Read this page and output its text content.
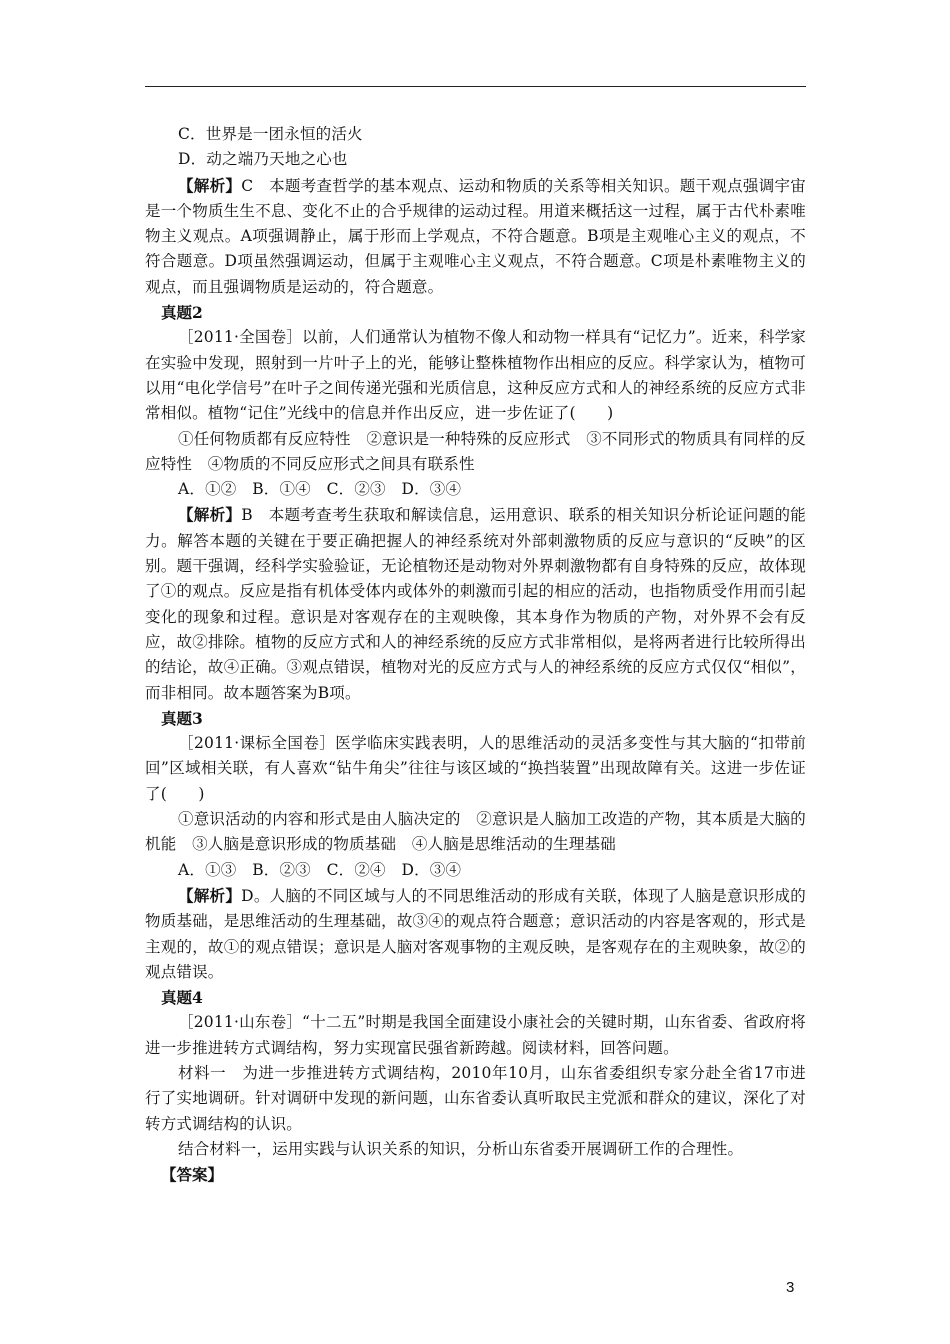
C．世界是一团永恒的活火

D．动之端乃天地之心也

【解析】C　本题考查哲学的基本观点、运动和物质的关系等相关知识。题干观点强调宇宙是一个物质生生不息、变化不止的合乎规律的运动过程。用道来概括这一过程，属于古代朴素唯物主义观点。A项强调静止，属于形而上学观点，不符合题意。B项是主观唯心主义的观点，不符合题意。D项虽然强调运动，但属于主观唯心主义观点，不符合题意。C项是朴素唯物主义的观点，而且强调物质是运动的，符合题意。

真题2

［2011·全国卷］以前，人们通常认为植物不像人和动物一样具有“记忆力”。近来，科学家在实验中发现，照射到一片叶子上的光，能够让整株植物作出相应的反应。科学家认为，植物可以用“电化学信号”在叶子之间传递光强和光质信息，这种反应方式和人的神经系统的反应方式非常相似。植物“记住”光线中的信息并作出反应，进一步佐证了(　　)

①任何物质都有反应特性　②意识是一种特殊的反应形式　③不同形式的物质具有同样的反应特性　④物质的不同反应形式之间具有联系性

A．①②　B．①④　C．②③　D．③④

【解析】B　本题考查考生获取和解读信息，运用意识、联系的相关知识分析论证问题的能力。解答本题的关键在于要正确把握人的神经系统对外部刺激物质的反应与意识的“反映”的区别。题干强调，经科学实验验证，无论植物还是动物对外界刺激物都有自身特殊的反应，故体现了①的观点。反应是指有机体受体内或体外的刺激而引起的相应的活动，也指物质受作用而引起变化的现象和过程。意识是对客观存在的主观映像，其本身作为物质的产物，对外界不会有反应，故②排除。植物的反应方式和人的神经系统的反应方式非常相似，是将两者进行比较所得出的结论，故④正确。③观点错误，植物对光的反应方式与人的神经系统的反应方式仅仅“相似”，而非相同。故本题答案为B项。

真题3

［2011·课标全国卷］医学临床实践表明，人的思维活动的灵活多变性与其大脑的“扣带前回”区域相关联，有人喜欢“钻牛角尖”往往与该区域的“换挡装置”出现故障有关。这进一步佐证了(　　)

①意识活动的内容和形式是由人脑决定的　②意识是人脑加工改造的产物，其本质是大脑的机能　③人脑是意识形成的物质基础　④人脑是思维活动的生理基础

A．①③　B．②③　C．②④　D．③④

【解析】D。人脑的不同区域与人的不同思维活动的形成有关联，体现了人脑是意识形成的物质基础，是思维活动的生理基础，故③④的观点符合题意；意识活动的内容是客观的，形式是主观的，故①的观点错误；意识是人脑对客观事物的主观反映，是客观存在的主观映象，故②的观点错误。

真题4

［2011·山东卷］“十二五”时期是我国全面建设小康社会的关键时期，山东省委、省政府将进一步推进转方式调结构，努力实现富民强省新跨越。阅读材料，回答问题。

材料一　为进一步推进转方式调结构，2010年10月，山东省委组织专家分赴全省17市进行了实地调研。针对调研中发现的新问题，山东省委认真听取民主党派和群众的建议，深化了对转方式调结构的认识。

结合材料一，运用实践与认识关系的知识，分析山东省委开展调研工作的合理性。

【答案】

3
